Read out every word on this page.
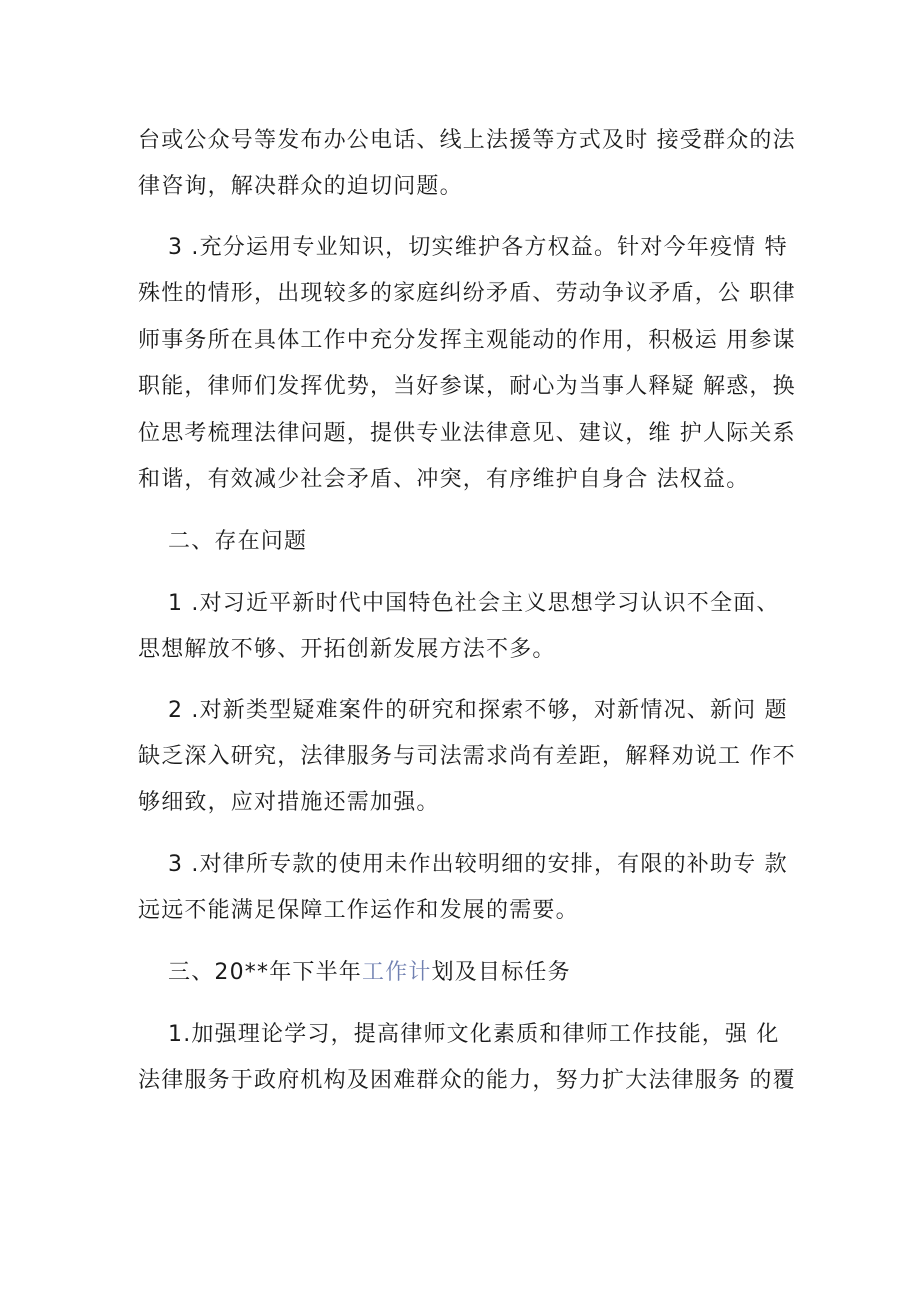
台或公众号等发布办公电话、线上法援等方式及时 接受群众的法
律咨询，解决群众的迫切问题。
3 .充分运用专业知识，切实维护各方权益。针对今年疫情 特
殊性的情形，出现较多的家庭纠纷矛盾、劳动争议矛盾，公 职律
师事务所在具体工作中充分发挥主观能动的作用，积极运 用参谋
职能，律师们发挥优势，当好参谋，耐心为当事人释疑 解惑，换
位思考梳理法律问题，提供专业法律意见、建议，维 护人际关系
和谐，有效减少社会矛盾、冲突，有序维护自身合 法权益。
二、存在问题
1 .对习近平新时代中国特色社会主义思想学习认识不全面、
思想解放不够、开拓创新发展方法不多。
2 .对新类型疑难案件的研究和探索不够，对新情况、新问 题
缺乏深入研究，法律服务与司法需求尚有差距，解释劝说工 作不
够细致，应对措施还需加强。
3 .对律所专款的使用未作出较明细的安排，有限的补助专 款
远远不能满足保障工作运作和发展的需要。
三、20**年下半年工作计划及目标任务
1.加强理论学习，提高律师文化素质和律师工作技能，强 化
法律服务于政府机构及困难群众的能力，努力扩大法律服务 的覆
